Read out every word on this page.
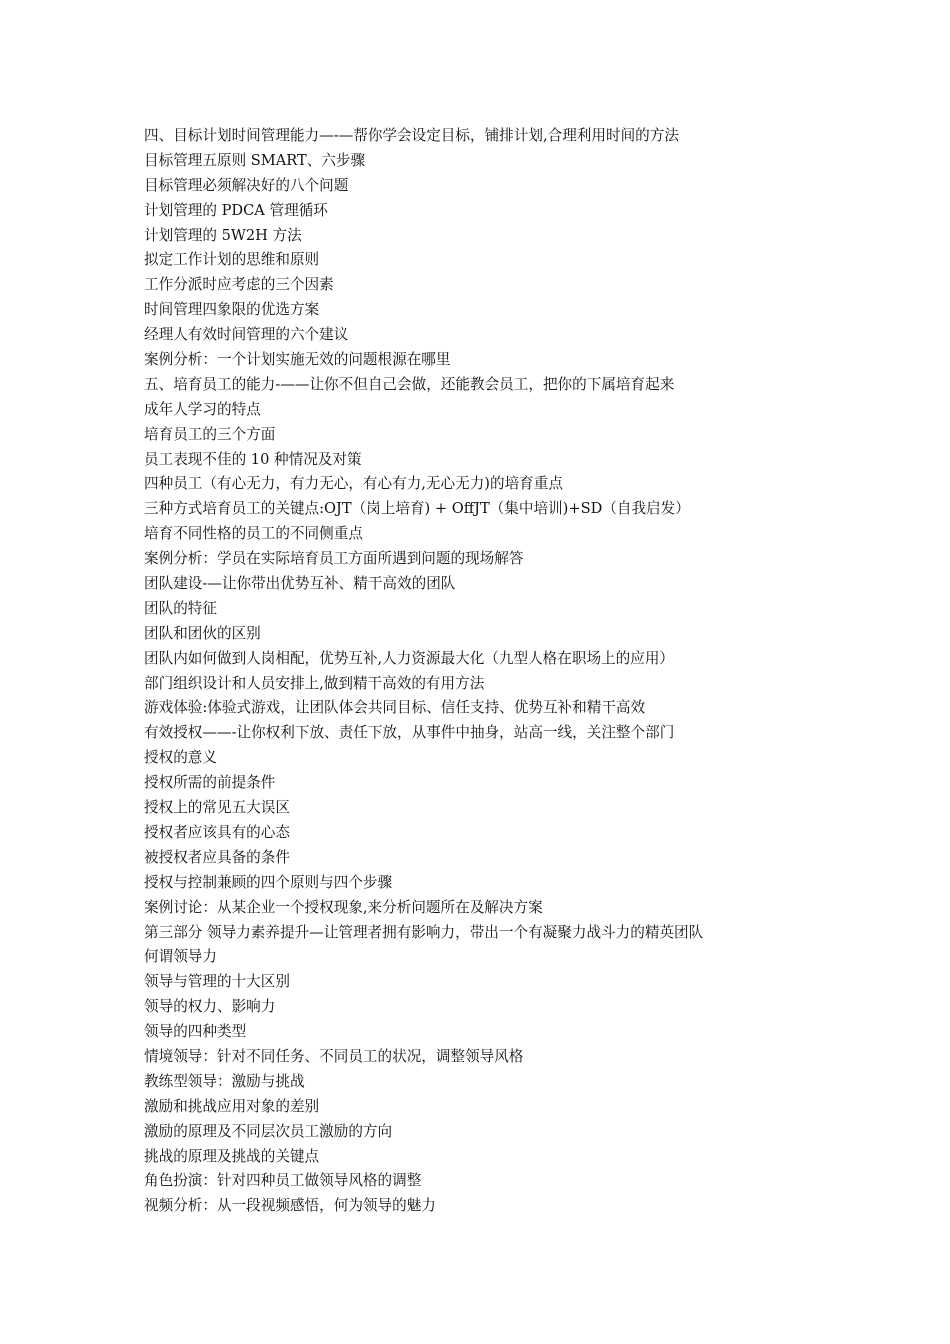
四、目标计划时间管理能力—-—帮你学会设定目标，铺排计划,合理利用时间的方法
目标管理五原则 SMART、六步骤
目标管理必须解决好的八个问题
计划管理的 PDCA 管理循环
计划管理的 5W2H 方法
拟定工作计划的思维和原则
工作分派时应考虑的三个因素
时间管理四象限的优选方案
经理人有效时间管理的六个建议
案例分析：一个计划实施无效的问题根源在哪里
五、培育员工的能力-——让你不但自己会做，还能教会员工，把你的下属培育起来
成年人学习的特点
培育员工的三个方面
员工表现不佳的 10 种情况及对策
四种员工（有心无力，有力无心，有心有力,无心无力)的培育重点
三种方式培育员工的关键点:OJT（岗上培育) + OffJT（集中培训)+SD（自我启发）
培育不同性格的员工的不同侧重点
案例分析：学员在实际培育员工方面所遇到问题的现场解答
团队建设-—让你带出优势互补、精干高效的团队
团队的特征
团队和团伙的区别
团队内如何做到人岗相配，优势互补,人力资源最大化（九型人格在职场上的应用）
部门组织设计和人员安排上,做到精干高效的有用方法
游戏体验:体验式游戏，让团队体会共同目标、信任支持、优势互补和精干高效
有效授权——-让你权利下放、责任下放，从事件中抽身，站高一线，关注整个部门
授权的意义
授权所需的前提条件
授权上的常见五大误区
授权者应该具有的心态
被授权者应具备的条件
授权与控制兼顾的四个原则与四个步骤
案例讨论：从某企业一个授权现象,来分析问题所在及解决方案
第三部分 领导力素养提升—让管理者拥有影响力，带出一个有凝聚力战斗力的精英团队
何谓领导力
领导与管理的十大区别
领导的权力、影响力
领导的四种类型
情境领导：针对不同任务、不同员工的状况，调整领导风格
教练型领导：激励与挑战
激励和挑战应用对象的差别
激励的原理及不同层次员工激励的方向
挑战的原理及挑战的关键点
角色扮演：针对四种员工做领导风格的调整
视频分析：从一段视频感悟，何为领导的魅力
